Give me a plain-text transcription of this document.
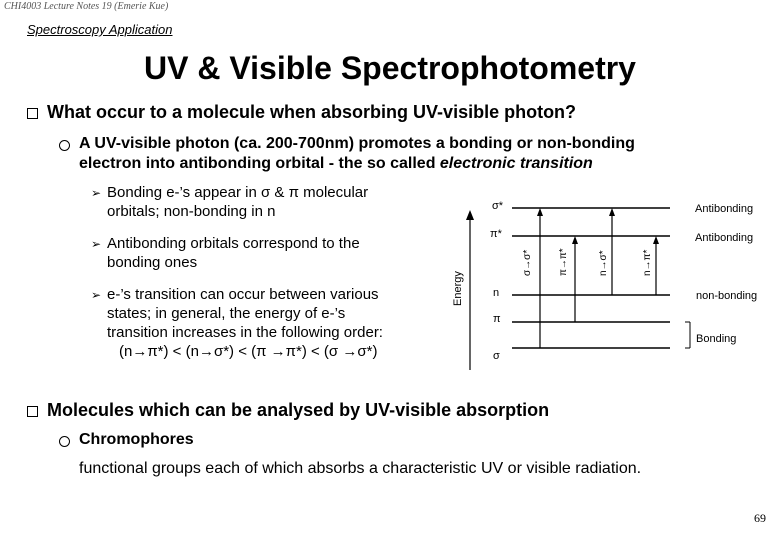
CHI4003 Lecture Notes 19 (Emerie Kue)
Spectroscopy Application
UV & Visible Spectrophotometry
What occur to a molecule when absorbing UV-visible photon?
A UV-visible photon (ca. 200-700nm) promotes a bonding or non-bonding
electron into antibonding orbital - the so called electronic transition
➢ Bonding e-’s appear in σ & π molecular
orbitals; non-bonding in n
➢ Antibonding orbitals correspond to the
bonding ones
➢ e-’s transition can occur between various
states; in general, the energy of e-’s
transition increases in the following order:
(n→π*) < (n→σ*) < (π →π*) < (σ →σ*)
Energy
σ*
π*
n
π
σ
Antibonding
Antibonding
non-bonding
Bonding
σ→σ*	π→π*	n→σ*	n→π*
Molecules which can be analysed by UV-visible absorption
Chromophores
functional groups each of which absorbs a characteristic UV or visible radiation.
69
